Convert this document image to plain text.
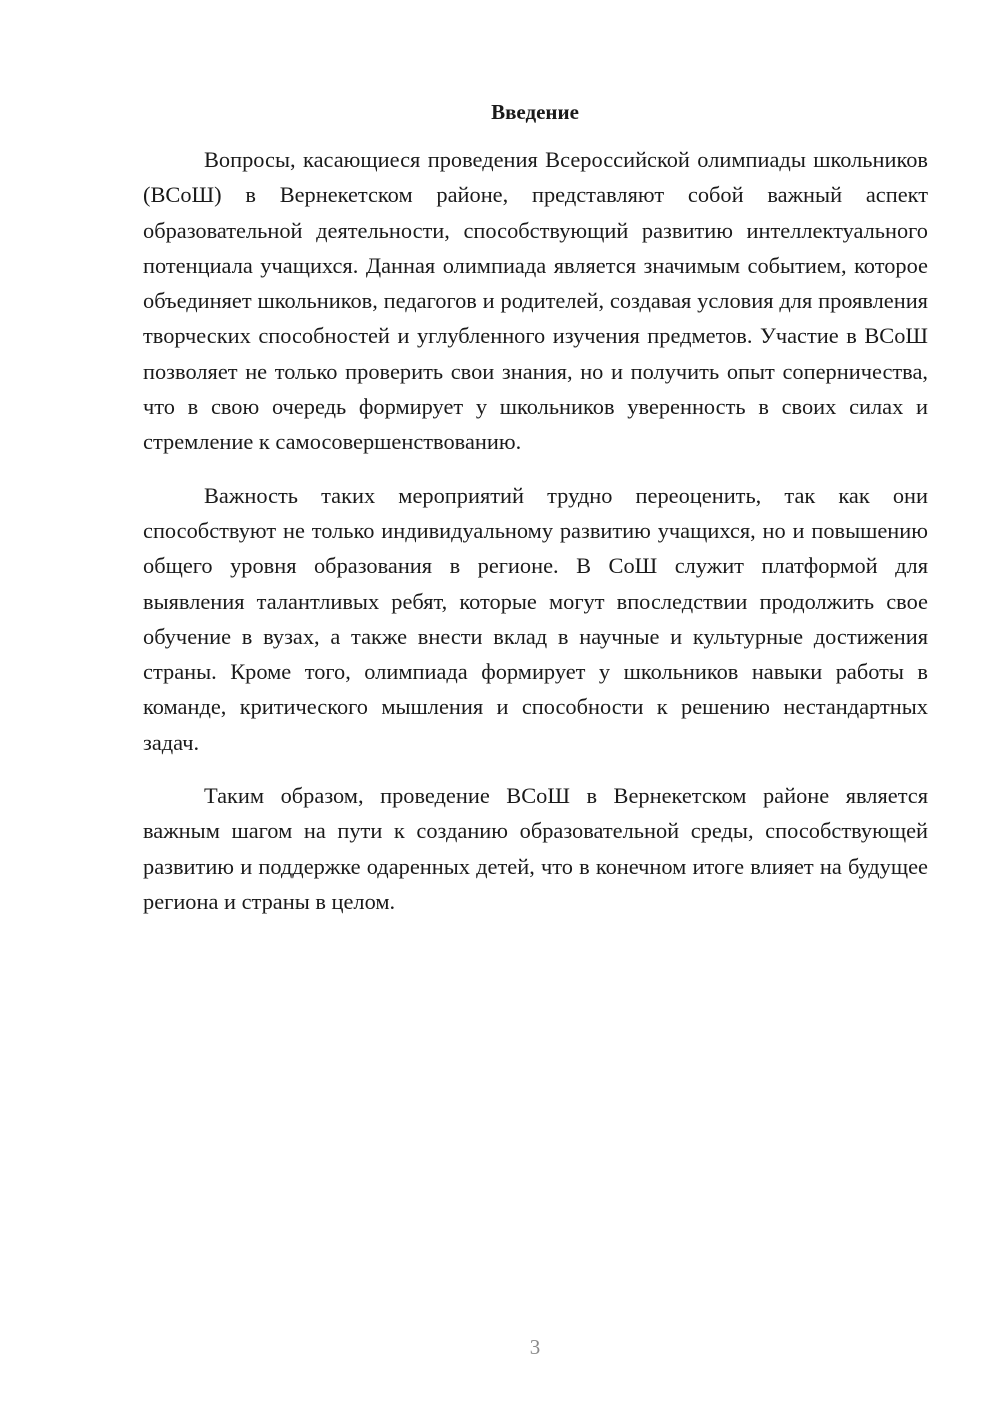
Введение

Вопросы, касающиеся проведения Всероссийской олимпиады школьников (ВСоШ) в Вернекетском районе, представляют собой важный аспект образовательной деятельности, способствующий развитию интеллектуального потенциала учащихся. Данная олимпиада является значимым событием, которое объединяет школьников, педагогов и родителей, создавая условия для проявления творческих способностей и углубленного изучения предметов. Участие в ВСоШ позволяет не только проверить свои знания, но и получить опыт соперничества, что в свою очередь формирует у школьников уверенность в своих силах и стремление к самосовершенствованию.

Важность таких мероприятий трудно переоценить, так как они способствуют не только индивидуальному развитию учащихся, но и повышению общего уровня образования в регионе. В СоШ служит платформой для выявления талантливых ребят, которые могут впоследствии продолжить свое обучение в вузах, а также внести вклад в научные и культурные достижения страны. Кроме того, олимпиада формирует у школьников навыки работы в команде, критического мышления и способности к решению нестандартных задач.

Таким образом, проведение ВСоШ в Вернекетском районе является важным шагом на пути к созданию образовательной среды, способствующей развитию и поддержке одаренных детей, что в конечном итоге влияет на будущее региона и страны в целом.

3
